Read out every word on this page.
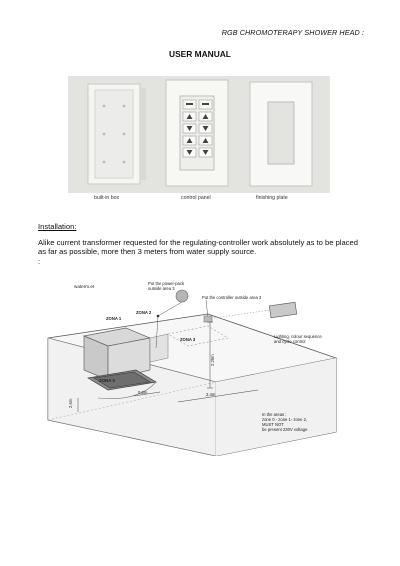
RGB CHROMOTERAPY SHOWER HEAD :
USER MANUAL
built-in box	control panel	finishing plate
Installation:
Alike current transformer requested for the regulating-controller work absolutely as to be placed as far as possible, more then 3 meters from water supply source.
:
waterm.et
Put the power-pack
outside area 3
Put the controller outside area 3
ZONA 1
ZONA 2
ZONA 3
ZONA 0
2.25m
0,6m	2,4m
2,6m
Lighting, colour sequence
and cycle control
In the areas :
zone 0 - zone 1- zone 2,
MUST NOT
be present 230V voltage
